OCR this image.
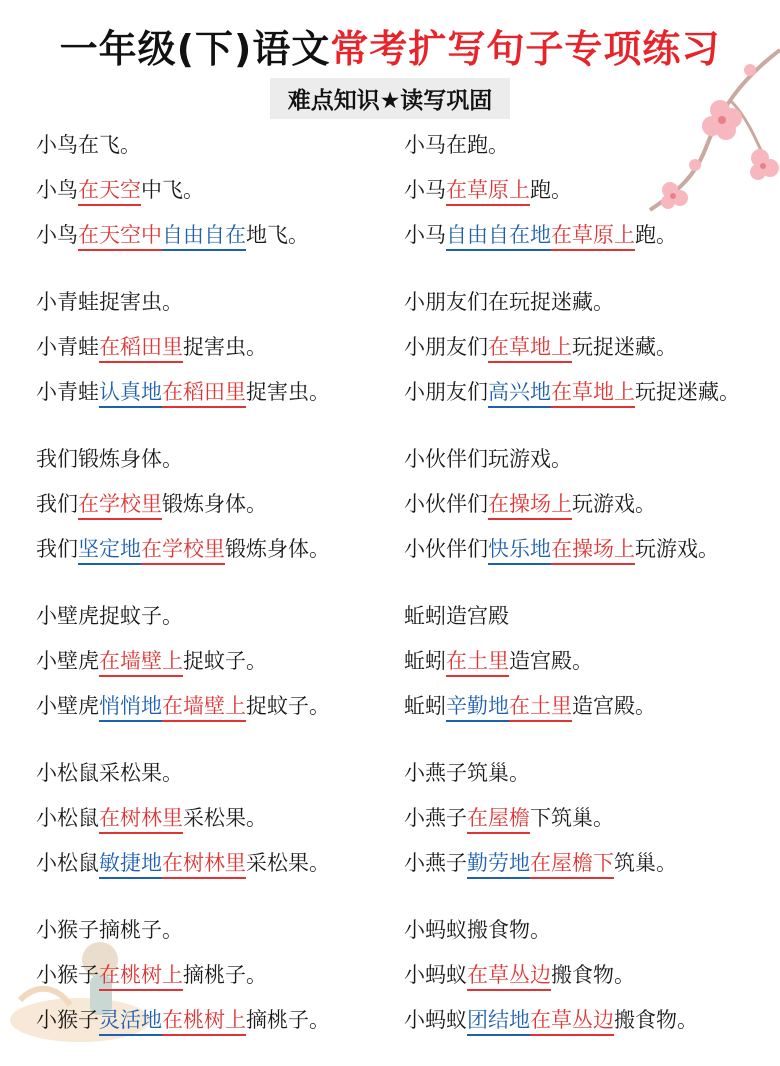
一年级(下)语文常考扩写句子专项练习
难点知识★读写巩固
小鸟在飞。
小鸟在天空中飞。
小鸟在天空中自由自在地飞。
小青蛙捉害虫。
小青蛙在稻田里捉害虫。
小青蛙认真地在稻田里捉害虫。
我们锻炼身体。
我们在学校里锻炼身体。
我们坚定地在学校里锻炼身体。
小壁虎捉蚊子。
小壁虎在墙壁上捉蚊子。
小壁虎悄悄地在墙壁上捉蚊子。
小松鼠采松果。
小松鼠在树林里采松果。
小松鼠敏捷地在树林里采松果。
小猴子摘桃子。
小猴子在桃树上摘桃子。
小猴子灵活地在桃树上摘桃子。
小马在跑。
小马在草原上跑。
小马自由自在地在草原上跑。
小朋友们在玩捉迷藏。
小朋友们在草地上玩捉迷藏。
小朋友们高兴地在草地上玩捉迷藏。
小伙伴们玩游戏。
小伙伴们在操场上玩游戏。
小伙伴们快乐地在操场上玩游戏。
蚯蚓造宫殿
蚯蚓在土里造宫殿。
蚯蚓辛勤地在土里造宫殿。
小燕子筑巢。
小燕子在屋檐下筑巢。
小燕子勤劳地在屋檐下筑巢。
小蚂蚁搬食物。
小蚂蚁在草丛边搬食物。
小蚂蚁团结地在草丛边搬食物。
